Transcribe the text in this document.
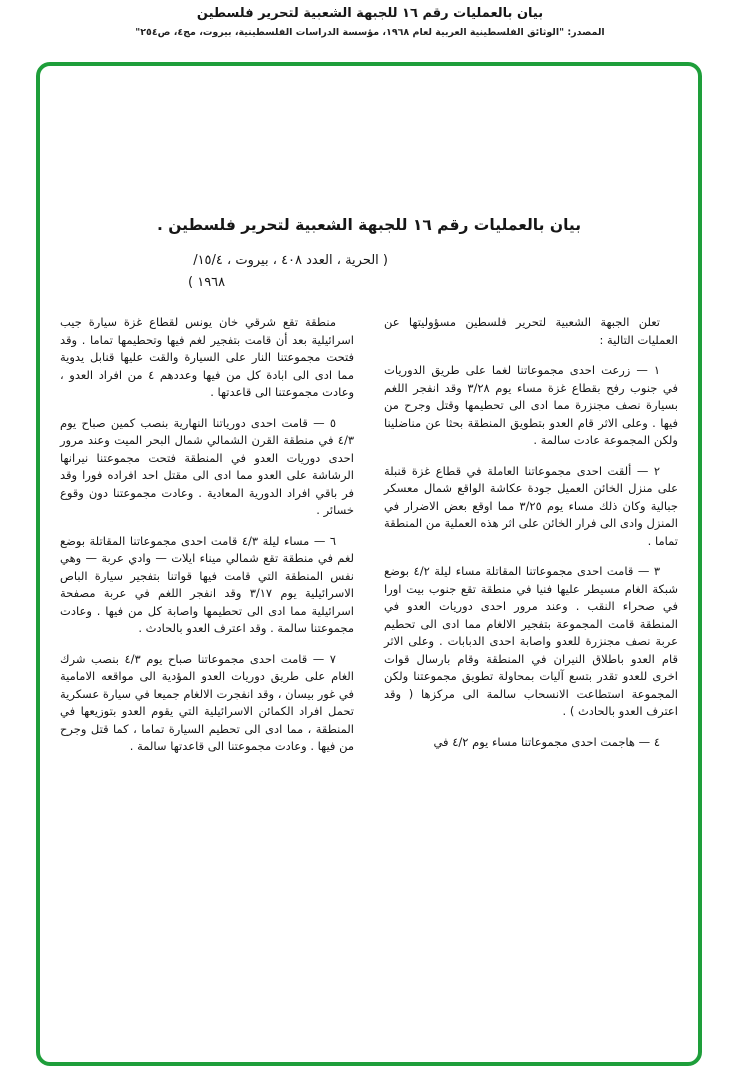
بيان بالعمليات رقم ١٦ للجبهة الشعبية لتحرير فلسطين
المصدر: "الوثائق الفلسطينية العربية لعام ١٩٦٨، مؤسسة الدراسات الفلسطينية، بيروت، مج٤، ص٢٥٤"
بيان بالعمليات رقم ١٦ للجبهة الشعبية لتحرير فلسطين .
( الحرية ، العدد ٤٠٨ ، بيروت ، ١٥/٤/
١٩٦٨ )

تعلن الجبهة الشعبية لتحرير فلسطين مسؤوليتها عن العمليات التالية :

١ — زرعت احدى مجموعاتنا لغما على طريق الدوريات في جنوب رفح بقطاع غزة مساء يوم ٣/٢٨ وقد انفجر اللغم بسيارة نصف مجنزرة مما ادى الى تحطيمها وقتل وجرح من فيها . وعلى الاثر قام العدو بتطويق المنطقة بحثا عن مناضلينا ولكن المجموعة عادت سالمة .

٢ — ألقت احدى مجموعاتنا العاملة في قطاع غزة قنبلة على منزل الخائن العميل جودة عكاشة الواقع شمال معسكر جبالية وكان ذلك مساء يوم ٣/٢٥ مما اوقع بعض الاضرار في المنزل وادى الى فرار الخائن على اثر هذه العملية من المنطقة تماما .

٣ — قامت احدى مجموعاتنا المقاتلة مساء ليلة ٤/٢ بوضع شبكة الغام مسيطر عليها فنيا في منطقة تقع جنوب بيت اورا في صحراء النقب . وعند مرور احدى دوريات العدو في المنطقة قامت المجموعة بتفجير الالغام مما ادى الى تحطيم عربة نصف مجنزرة للعدو واصابة احدى الدبابات . وعلى الاثر قام العدو باطلاق النيران في المنطقة وقام بارسال قوات اخرى للعدو تقدر بتسع آليات بمحاولة تطويق مجموعتنا ولكن المجموعة استطاعت الانسحاب سالمة الى مركزها ( وقد اعترف العدو بالحادث ) .

٤ — هاجمت احدى مجموعاتنا مساء يوم ٤/٢ في

منطقة تقع شرقي خان يونس لقطاع غزة سيارة جيب اسرائيلية بعد أن قامت بتفجير لغم فيها وتحطيمها تماما . وقد فتحت مجموعتنا النار على السيارة والقت عليها قنابل يدوية مما ادى الى ابادة كل من فيها وعددهم ٤ من افراد العدو ، وعادت مجموعتنا الى قاعدتها .

٥ — قامت احدى دورياتنا النهارية بنصب كمين صباح يوم ٤/٣ في منطقة القرن الشمالي شمال البحر الميت وعند مرور احدى دوريات العدو في المنطقة فتحت مجموعتنا نيرانها الرشاشة على العدو مما ادى الى مقتل احد افراده فورا وقد فر باقي افراد الدورية المعادية . وعادت مجموعتنا دون وقوع خسائر .

٦ — مساء ليلة ٤/٣ قامت احدى مجموعاتنا المقاتلة بوضع لغم في منطقة تقع شمالي ميناء ايلات — وادي عربة — وهي نفس المنطقة التي قامت فيها قواتنا بتفجير سيارة الباص الاسرائيلية يوم ٣/١٧ وقد انفجر اللغم في عربة مصفحة اسرائيلية مما ادى الى تحطيمها واصابة كل من فيها . وعادت مجموعتنا سالمة . وقد اعترف العدو بالحادث .

٧ — قامت احدى مجموعاتنا صباح يوم ٤/٣ بنصب شرك الغام على طريق دوريات العدو المؤدية الى مواقعه الامامية في غور بيسان ، وقد انفجرت الالغام جميعا في سيارة عسكرية تحمل افراد الكمائن الاسرائيلية التي يقوم العدو بتوزيعها في المنطقة ، مما ادى الى تحطيم السيارة تماما ، كما قتل وجرح من فيها . وعادت مجموعتنا الى قاعدتها سالمة .
